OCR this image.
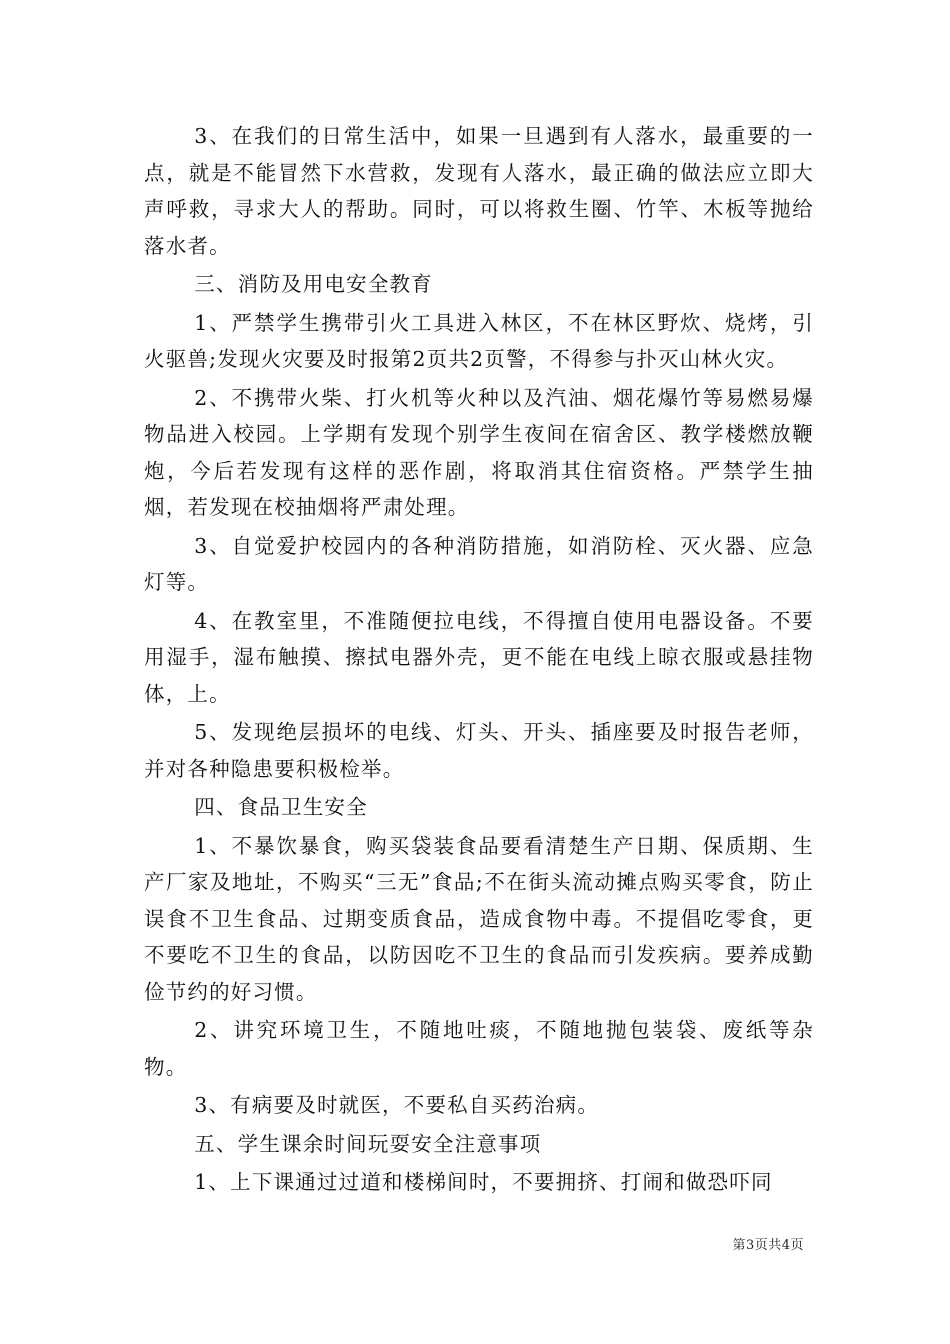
3、在我们的日常生活中，如果一旦遇到有人落水，最重要的一点，就是不能冒然下水营救，发现有人落水，最正确的做法应立即大声呼救，寻求大人的帮助。同时，可以将救生圈、竹竿、木板等抛给落水者。

三、消防及用电安全教育

1、严禁学生携带引火工具进入林区，不在林区野炊、烧烤，引火驱兽;发现火灾要及时报第2页共2页警，不得参与扑灭山林火灾。

2、不携带火柴、打火机等火种以及汽油、烟花爆竹等易燃易爆物品进入校园。上学期有发现个别学生夜间在宿舍区、教学楼燃放鞭炮，今后若发现有这样的恶作剧，将取消其住宿资格。严禁学生抽烟，若发现在校抽烟将严肃处理。

3、自觉爱护校园内的各种消防措施，如消防栓、灭火器、应急灯等。

4、在教室里，不准随便拉电线，不得擅自使用电器设备。不要用湿手，湿布触摸、擦拭电器外壳，更不能在电线上晾衣服或悬挂物体，上。

5、发现绝层损坏的电线、灯头、开头、插座要及时报告老师，并对各种隐患要积极检举。

四、食品卫生安全

1、不暴饮暴食，购买袋装食品要看清楚生产日期、保质期、生产厂家及地址，不购买“三无”食品;不在街头流动摊点购买零食，防止误食不卫生食品、过期变质食品，造成食物中毒。不提倡吃零食，更不要吃不卫生的食品，以防因吃不卫生的食品而引发疾病。要养成勤俭节约的好习惯。

2、讲究环境卫生，不随地吐痰，不随地抛包装袋、废纸等杂物。

3、有病要及时就医，不要私自买药治病。

五、学生课余时间玩耍安全注意事项

1、上下课通过过道和楼梯间时，不要拥挤、打闹和做恐吓同

第3页共4页
